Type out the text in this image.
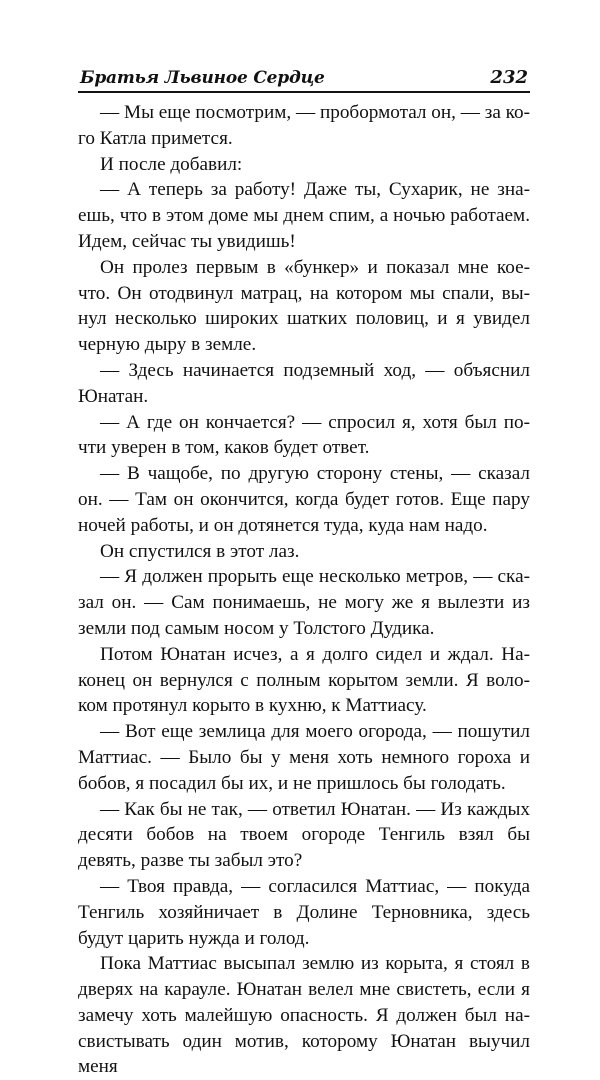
Братья Львиное Сердце	232

— Мы еще посмотрим, — пробормотал он, — за кого Катла примется.

И после добавил:

— А теперь за работу! Даже ты, Сухарик, не знаешь, что в этом доме мы днем спим, а ночью работаем. Идем, сейчас ты увидишь!

Он пролез первым в «бункер» и показал мне кое-что. Он отодвинул матрац, на котором мы спали, вынул несколько широких шатких половиц, и я увидел черную дыру в земле.

— Здесь начинается подземный ход, — объяснил Юнатан.

— А где он кончается? — спросил я, хотя был почти уверен в том, каков будет ответ.

— В чащобе, по другую сторону стены, — сказал он. — Там он окончится, когда будет готов. Еще пару ночей работы, и он дотянется туда, куда нам надо.

Он спустился в этот лаз.

— Я должен прорыть еще несколько метров, — сказал он. — Сам понимаешь, не могу же я вылезти из земли под самым носом у Толстого Дудика.

Потом Юнатан исчез, а я долго сидел и ждал. Наконец он вернулся с полным корытом земли. Я волоком протянул корыто в кухню, к Маттиасу.

— Вот еще землица для моего огорода, — пошутил Маттиас. — Было бы у меня хоть немного гороха и бобов, я посадил бы их, и не пришлось бы голодать.

— Как бы не так, — ответил Юнатан. — Из каждых десяти бобов на твоем огороде Тенгиль взял бы девять, разве ты забыл это?

— Твоя правда, — согласился Маттиас, — покуда Тенгиль хозяйничает в Долине Терновника, здесь будут царить нужда и голод.

Пока Маттиас высыпал землю из корыта, я стоял в дверях на карауле. Юнатан велел мне свистеть, если я замечу хоть малейшую опасность. Я должен был насвистывать один мотив, которому Юнатан выучил меня
